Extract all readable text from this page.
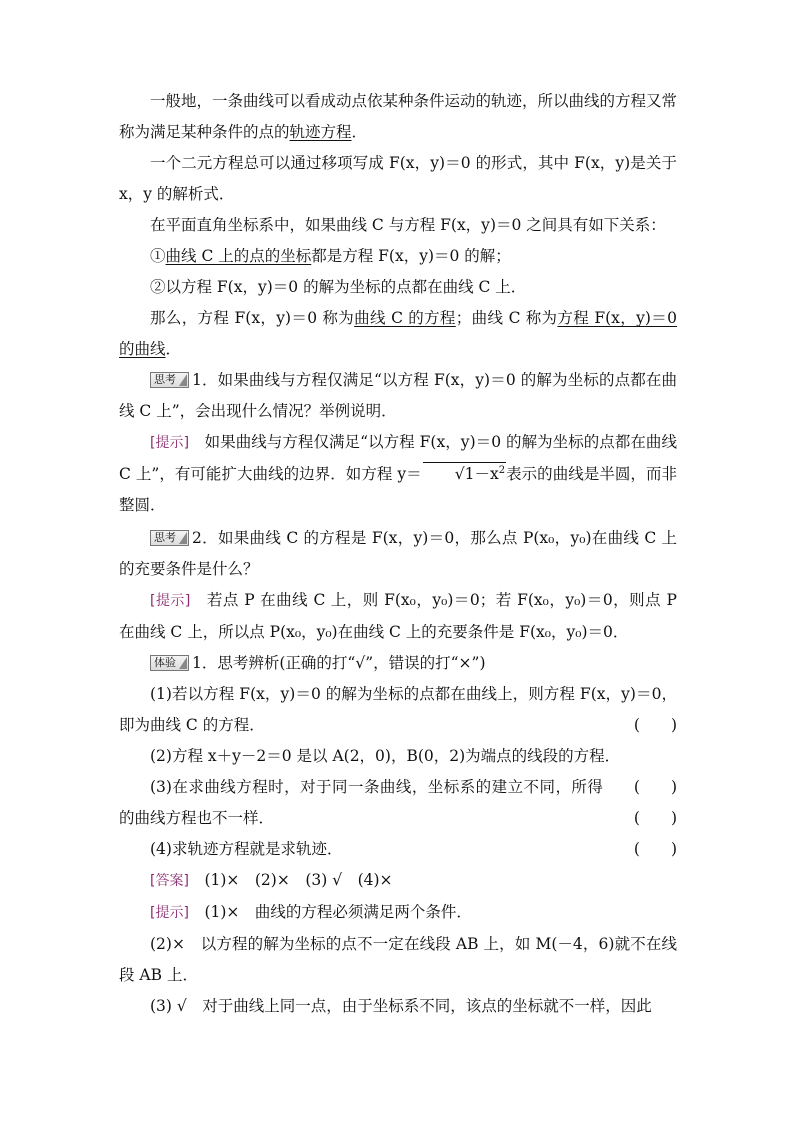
一般地，一条曲线可以看成动点依某种条件运动的轨迹，所以曲线的方程又常称为满足某种条件的点的轨迹方程．

一个二元方程总可以通过移项写成 F(x，y)＝0 的形式，其中 F(x，y)是关于 x，y 的解析式．

在平面直角坐标系中，如果曲线 C 与方程 F(x，y)＝0 之间具有如下关系：

①曲线 C 上的点的坐标都是方程 F(x，y)＝0 的解；

②以方程 F(x，y)＝0 的解为坐标的点都在曲线 C 上．

那么，方程 F(x，y)＝0 称为曲线 C 的方程；曲线 C 称为方程 F(x，y)＝0 的曲线．

思考 1．如果曲线与方程仅满足“以方程 F(x，y)＝0 的解为坐标的点都在曲线 C 上”，会出现什么情况？举例说明．

[提示]　如果曲线与方程仅满足“以方程 F(x，y)＝0 的解为坐标的点都在曲线 C 上”，有可能扩大曲线的边界．如方程 $y= √1-x^2$表示的曲线是半圆，而非整圆．

思考 2．如果曲线 C 的方程是 F(x，y)＝0，那么点 P(x₀，y₀)在曲线 C 上的充要条件是什么？

[提示]　若点 P 在曲线 C 上，则 F(x₀，y₀)＝0；若 F(x₀，y₀)＝0，则点 P 在曲线 C 上，所以点 P(x₀，y₀)在曲线 C 上的充要条件是 F(x₀，y₀)＝0．

体验 1．思考辨析(正确的打“√”，错误的打“×”)

(1)若以方程 F(x，y)＝0 的解为坐标的点都在曲线上，则方程 F(x，y)＝0，即为曲线 C 的方程．	(　　)

(2)方程 x＋y－2＝0 是以 A(2，0)，B(0，2)为端点的线段的方程．
(　　)

(3)在求曲线方程时，对于同一条曲线，坐标系的建立不同，所得的曲线方程也不一样．	(　　)

(4)求轨迹方程就是求轨迹．	(　　)

[答案]　(1)×　(2)×　(3) √　(4)×

[提示]　(1)×　曲线的方程必须满足两个条件．

(2)×　以方程的解为坐标的点不一定在线段 AB 上，如 M(－4，6)就不在线段 AB 上．

(3) √　对于曲线上同一点，由于坐标系不同，该点的坐标就不一样，因此
